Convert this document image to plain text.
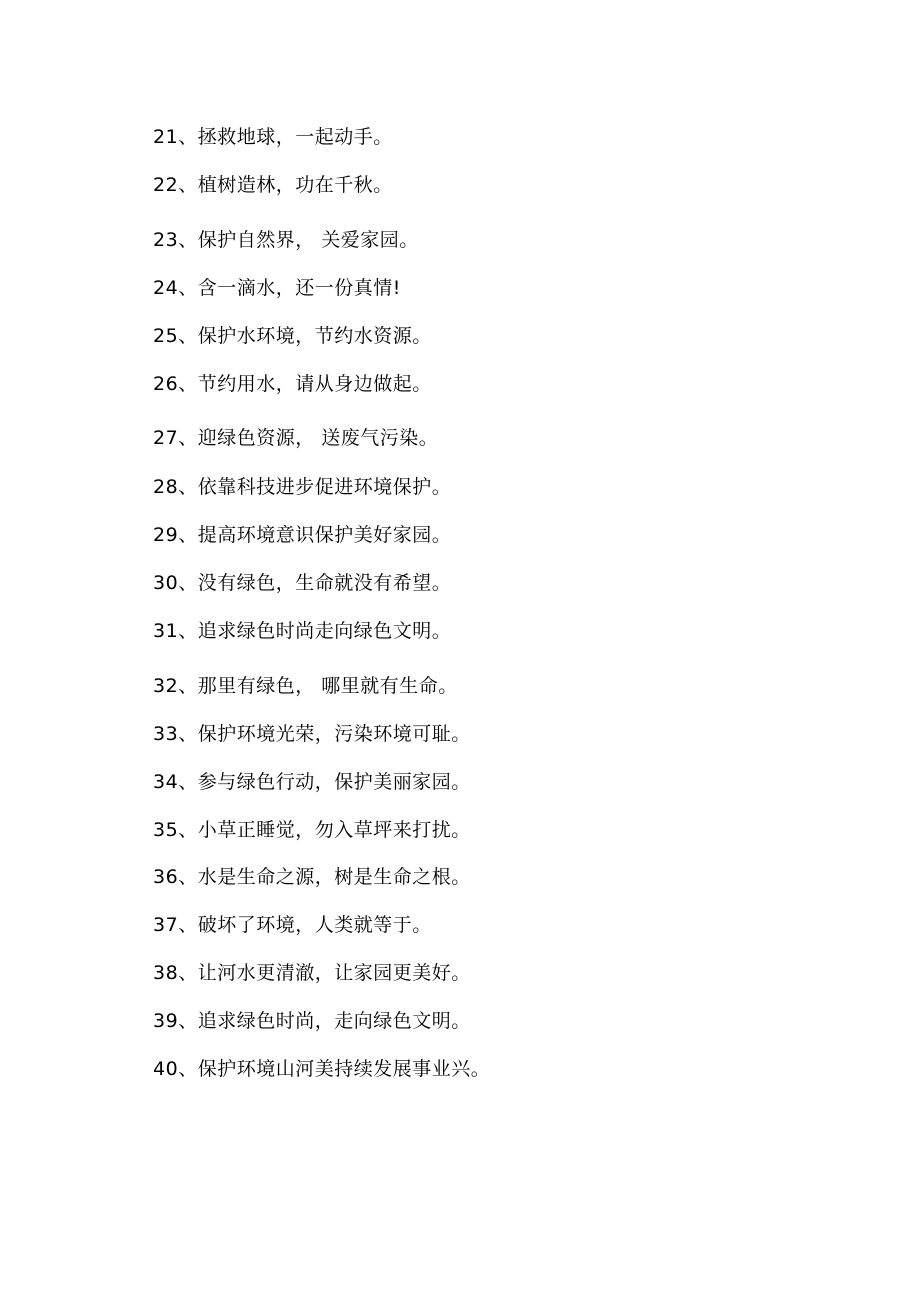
21、拯救地球，一起动手。
22、植树造林，功在千秋。
23、保护自然界， 关爱家园。
24、含一滴水，还一份真情!
25、保护水环境，节约水资源。
26、节约用水，请从身边做起。
27、迎绿色资源， 送废气污染。
28、依靠科技进步促进环境保护。
29、提高环境意识保护美好家园。
30、没有绿色，生命就没有希望。
31、追求绿色时尚走向绿色文明。
32、那里有绿色， 哪里就有生命。
33、保护环境光荣，污染环境可耻。
34、参与绿色行动，保护美丽家园。
35、小草正睡觉，勿入草坪来打扰。
36、水是生命之源，树是生命之根。
37、破坏了环境，人类就等于。
38、让河水更清澈，让家园更美好。
39、追求绿色时尚，走向绿色文明。
40、保护环境山河美持续发展事业兴。
